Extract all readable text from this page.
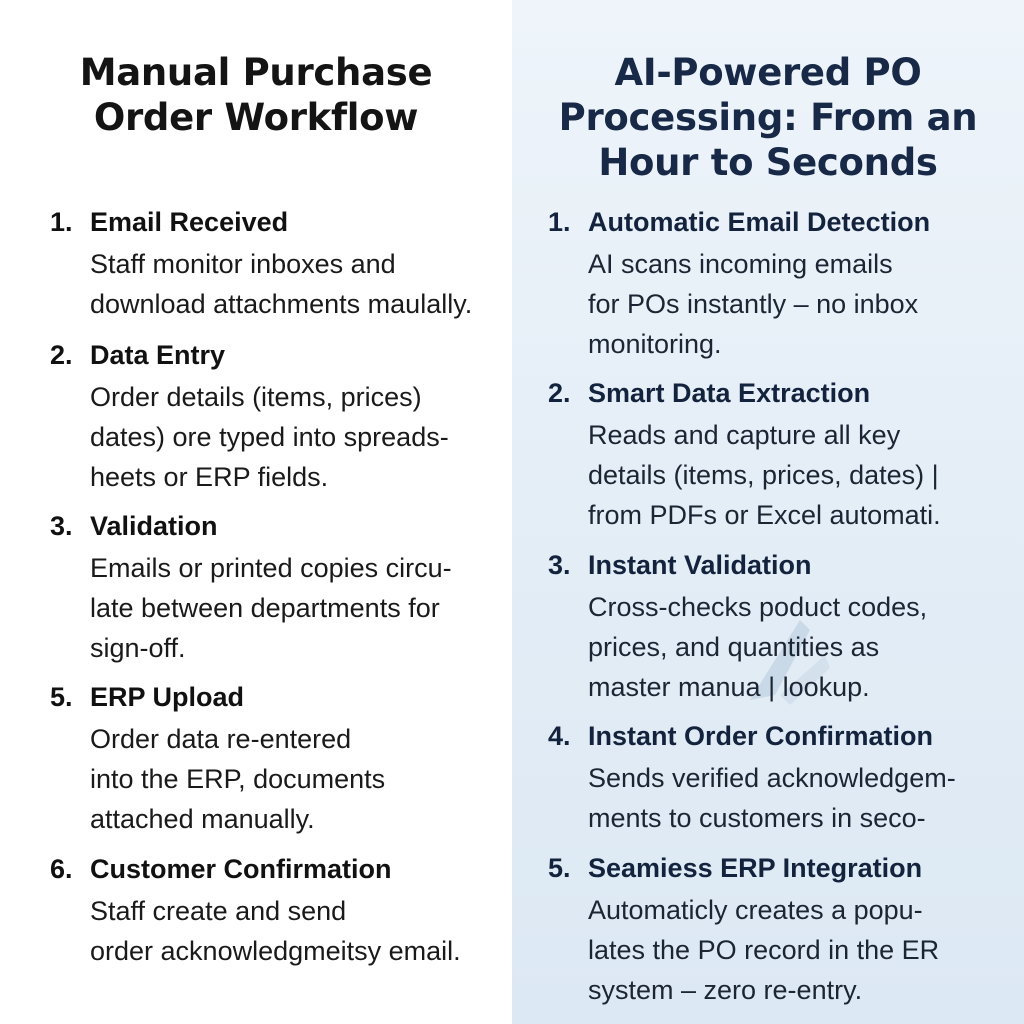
Manual Purchase
Order Workflow
1. Email Received
Staff monitor inboxes and
download attachments maulally.
2. Data Entry
Order details (items, prices)
dates) ore typed into spreads-
heets or ERP fields.
3. Validation
Emails or printed copies circu-
late between departments for
sign-off.
5. ERP Upload
Order data re-entered
into the ERP, documents
attached manually.
6. Customer Confirmation
Staff create and send
order acknowledgmeitsy email.
AI-Powered PO
Processing: From an
Hour to Seconds
1. Automatic Email Detection
AI scans incoming emails
for POs instantly – no inbox
monitoring.
2. Smart Data Extraction
Reads and capture all key
details (items, prices, dates) |
from PDFs or Excel automati.
3. Instant Validation
Cross-checks poduct codes,
prices, and quantities as
master manua | lookup.
4. Instant Order Confirmation
Sends verified acknowledgem-
ments to customers in seco-
5. Seamiess ERP Integration
Automaticly creates a popu-
lates the PO record in the ER
system – zero re-entry.
